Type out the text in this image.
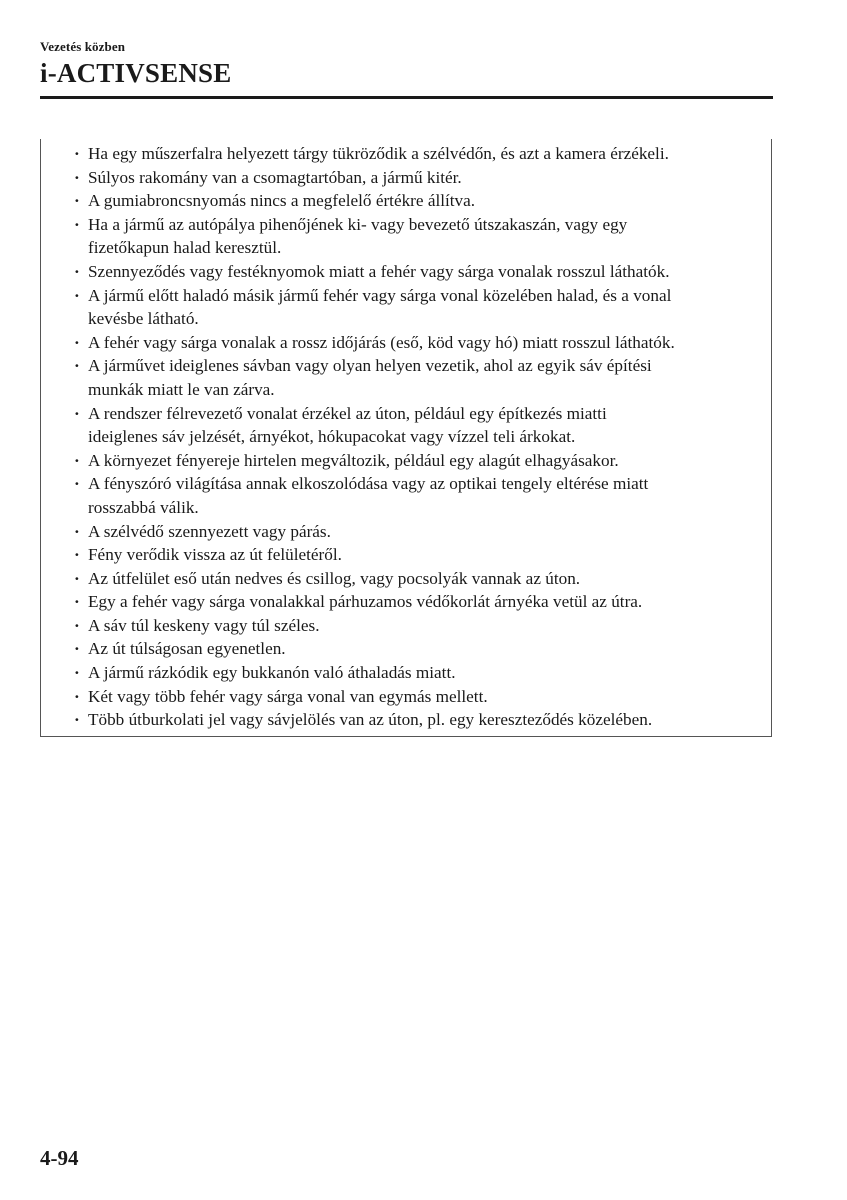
Vezetés közben
i-ACTIVSENSE
· Ha egy műszerfalra helyezett tárgy tükröződik a szélvédőn, és azt a kamera érzékeli.
· Súlyos rakomány van a csomagtartóban, a jármű kitér.
· A gumiabroncsnyomás nincs a megfelelő értékre állítva.
· Ha a jármű az autópálya pihenőjének ki- vagy bevezető útszakaszán, vagy egy
fizetőkapun halad keresztül.
· Szennyeződés vagy festéknyomok miatt a fehér vagy sárga vonalak rosszul láthatók.
· A jármű előtt haladó másik jármű fehér vagy sárga vonal közelében halad, és a vonal
kevésbe látható.
· A fehér vagy sárga vonalak a rossz időjárás (eső, köd vagy hó) miatt rosszul láthatók.
· A járművet ideiglenes sávban vagy olyan helyen vezetik, ahol az egyik sáv építési
munkák miatt le van zárva.
· A rendszer félrevezető vonalat érzékel az úton, például egy építkezés miatti
ideiglenes sáv jelzését, árnyékot, hókupacokat vagy vízzel teli árkokat.
· A környezet fényereje hirtelen megváltozik, például egy alagút elhagyásakor.
· A fényszóró világítása annak elkoszolódása vagy az optikai tengely eltérése miatt
rosszabbá válik.
· A szélvédő szennyezett vagy párás.
· Fény verődik vissza az út felületéről.
· Az útfelület eső után nedves és csillog, vagy pocsolyák vannak az úton.
· Egy a fehér vagy sárga vonalakkal párhuzamos védőkorlát árnyéka vetül az útra.
· A sáv túl keskeny vagy túl széles.
· Az út túlságosan egyenetlen.
· A jármű rázkódik egy bukkanón való áthaladás miatt.
· Két vagy több fehér vagy sárga vonal van egymás mellett.
· Több útburkolati jel vagy sávjelölés van az úton, pl. egy kereszteződés közelében.
4-94
